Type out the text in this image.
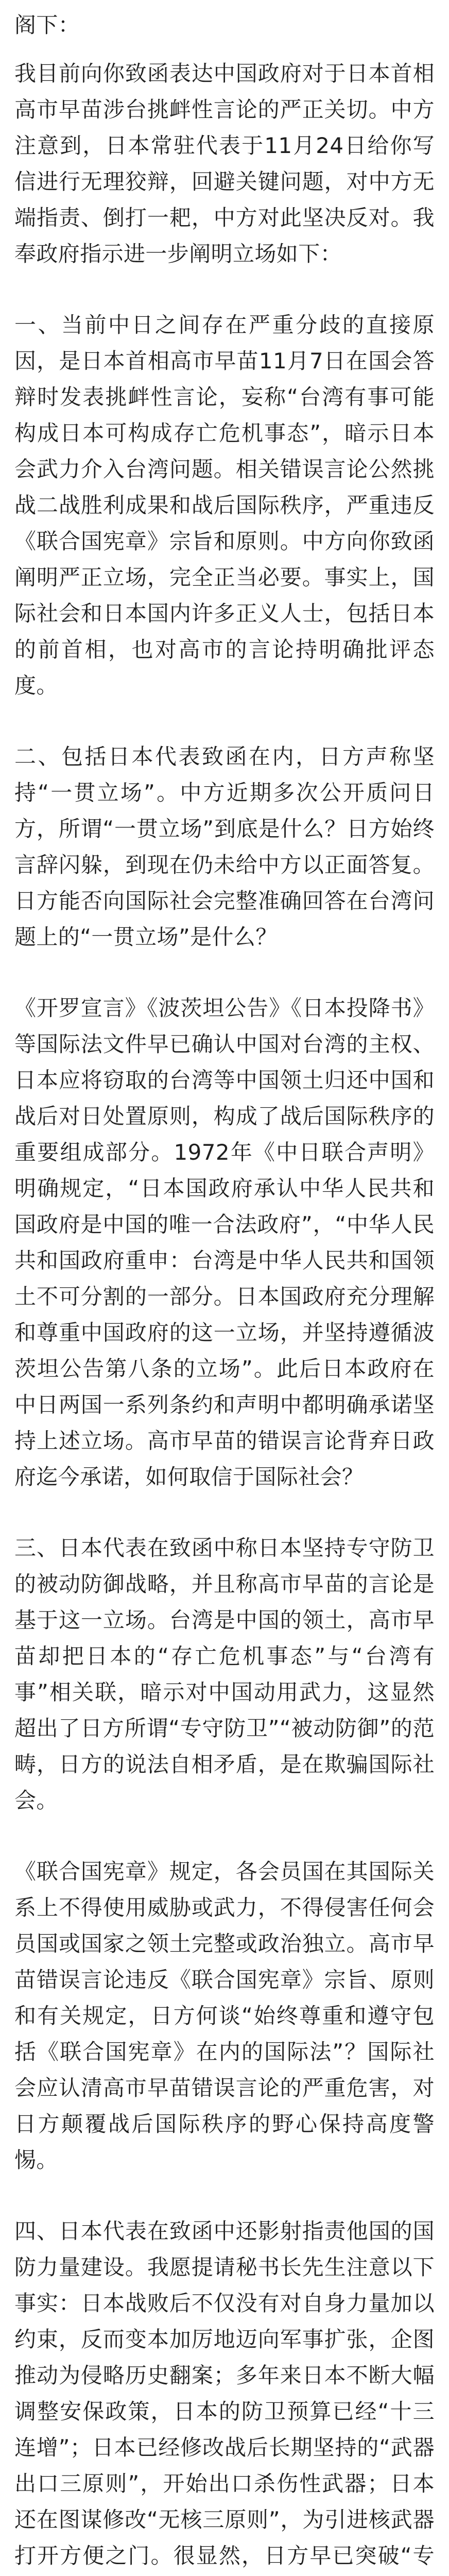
阁下：

我目前向你致函表达中国政府对于日本首相高市早苗涉台挑衅性言论的严正关切。中方注意到，日本常驻代表于11月24日给你写信进行无理狡辩，回避关键问题，对中方无端指责、倒打一耙，中方对此坚决反对。我奉政府指示进一步阐明立场如下：

一、当前中日之间存在严重分歧的直接原因，是日本首相高市早苗11月7日在国会答辩时发表挑衅性言论，妄称“台湾有事可能构成日本可构成存亡危机事态”，暗示日本会武力介入台湾问题。相关错误言论公然挑战二战胜利成果和战后国际秩序，严重违反《联合国宪章》宗旨和原则。中方向你致函阐明严正立场，完全正当必要。事实上，国际社会和日本国内许多正义人士，包括日本的前首相，也对高市的言论持明确批评态度。

二、包括日本代表致函在内，日方声称坚持“一贯立场”。中方近期多次公开质问日方，所谓“一贯立场”到底是什么？日方始终言辞闪躲，到现在仍未给中方以正面答复。日方能否向国际社会完整准确回答在台湾问题上的“一贯立场”是什么？

《开罗宣言》《波茨坦公告》《日本投降书》等国际法文件早已确认中国对台湾的主权、日本应将窃取的台湾等中国领土归还中国和战后对日处置原则，构成了战后国际秩序的重要组成部分。1972年《中日联合声明》明确规定，“日本国政府承认中华人民共和国政府是中国的唯一合法政府”，“中华人民共和国政府重申：台湾是中华人民共和国领土不可分割的一部分。日本国政府充分理解和尊重中国政府的这一立场，并坚持遵循波茨坦公告第八条的立场”。此后日本政府在中日两国一系列条约和声明中都明确承诺坚持上述立场。高市早苗的错误言论背弃日政府迄今承诺，如何取信于国际社会？

三、日本代表在致函中称日本坚持专守防卫的被动防御战略，并且称高市早苗的言论是基于这一立场。台湾是中国的领土，高市早苗却把日本的“存亡危机事态”与“台湾有事”相关联，暗示对中国动用武力，这显然超出了日方所谓“专守防卫”“被动防御”的范畴，日方的说法自相矛盾，是在欺骗国际社会。

《联合国宪章》规定，各会员国在其国际关系上不得使用威胁或武力，不得侵害任何会员国或国家之领土完整或政治独立。高市早苗错误言论违反《联合国宪章》宗旨、原则和有关规定，日方何谈“始终尊重和遵守包括《联合国宪章》在内的国际法”？国际社会应认清高市早苗错误言论的严重危害，对日方颠覆战后国际秩序的野心保持高度警惕。

四、日本代表在致函中还影射指责他国的国防力量建设。我愿提请秘书长先生注意以下事实：日本战败后不仅没有对自身力量加以约束，反而变本加厉地迈向军事扩张，企图推动为侵略历史翻案；多年来日本不断大幅调整安保政策，日本的防卫预算已经“十三连增”；日本已经修改战后长期坚持的“武器出口三原则”，开始出口杀伤性武器；日本还在图谋修改“无核三原则”，为引进核武器打开方便之门。很显然，日方早已突破“专
